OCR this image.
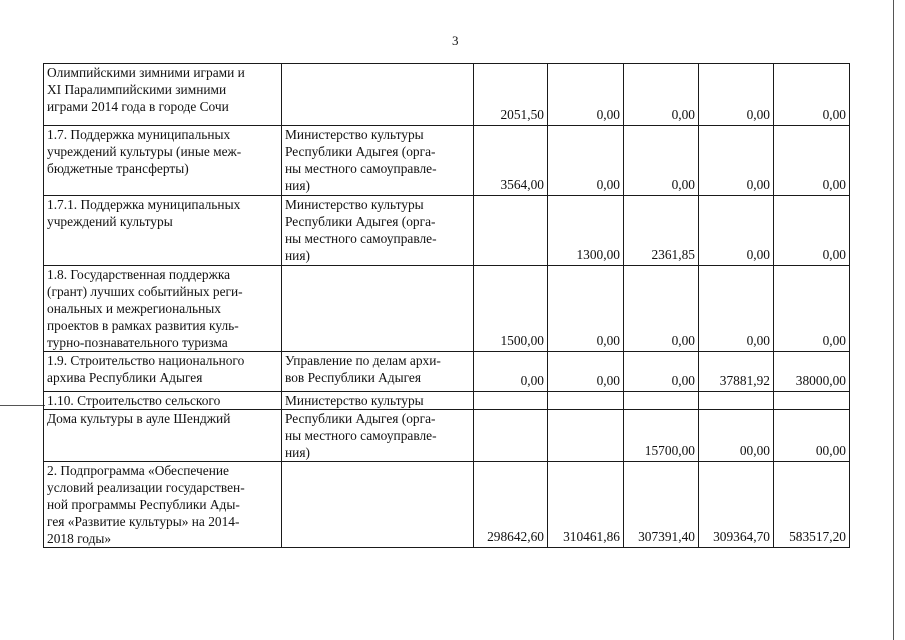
3
Олимпийскими зимними играми и
XI Паралимпийскими зимними
играми 2014 года в городе Сочи		2051,50	0,00	0,00	0,00	0,00

1.7. Поддержка муниципальных
учреждений культуры (иные меж-
бюджетные трансферты)	Министерство культуры
Республики Адыгея (орга-
ны местного самоуправле-
ния)	3564,00	0,00	0,00	0,00	0,00

1.7.1. Поддержка муниципальных
учреждений культуры	Министерство культуры
Республики Адыгея (орга-
ны местного самоуправле-
ния)		1300,00	2361,85	0,00	0,00

1.8. Государственная поддержка
(грант) лучших событийных реги-
ональных и межрегиональных
проектов в рамках развития куль-
турно-познавательного туризма		1500,00	0,00	0,00	0,00	0,00

1.9. Строительство национального
архива Республики Адыгея	Управление по делам архи-
вов Республики Адыгея	0,00	0,00	0,00	37881,92	38000,00

1.10. Строительство сельского	Министерство культуры					

Дома культуры в ауле Шенджий	Республики Адыгея (орга-
ны местного самоуправле-
ния)			15700,00	00,00	00,00

2. Подпрограмма «Обеспечение
условий реализации государствен-
ной программы Республики Ады-
гея «Развитие культуры» на 2014-
2018 годы»		298642,60	310461,86	307391,40	309364,70	583517,20
